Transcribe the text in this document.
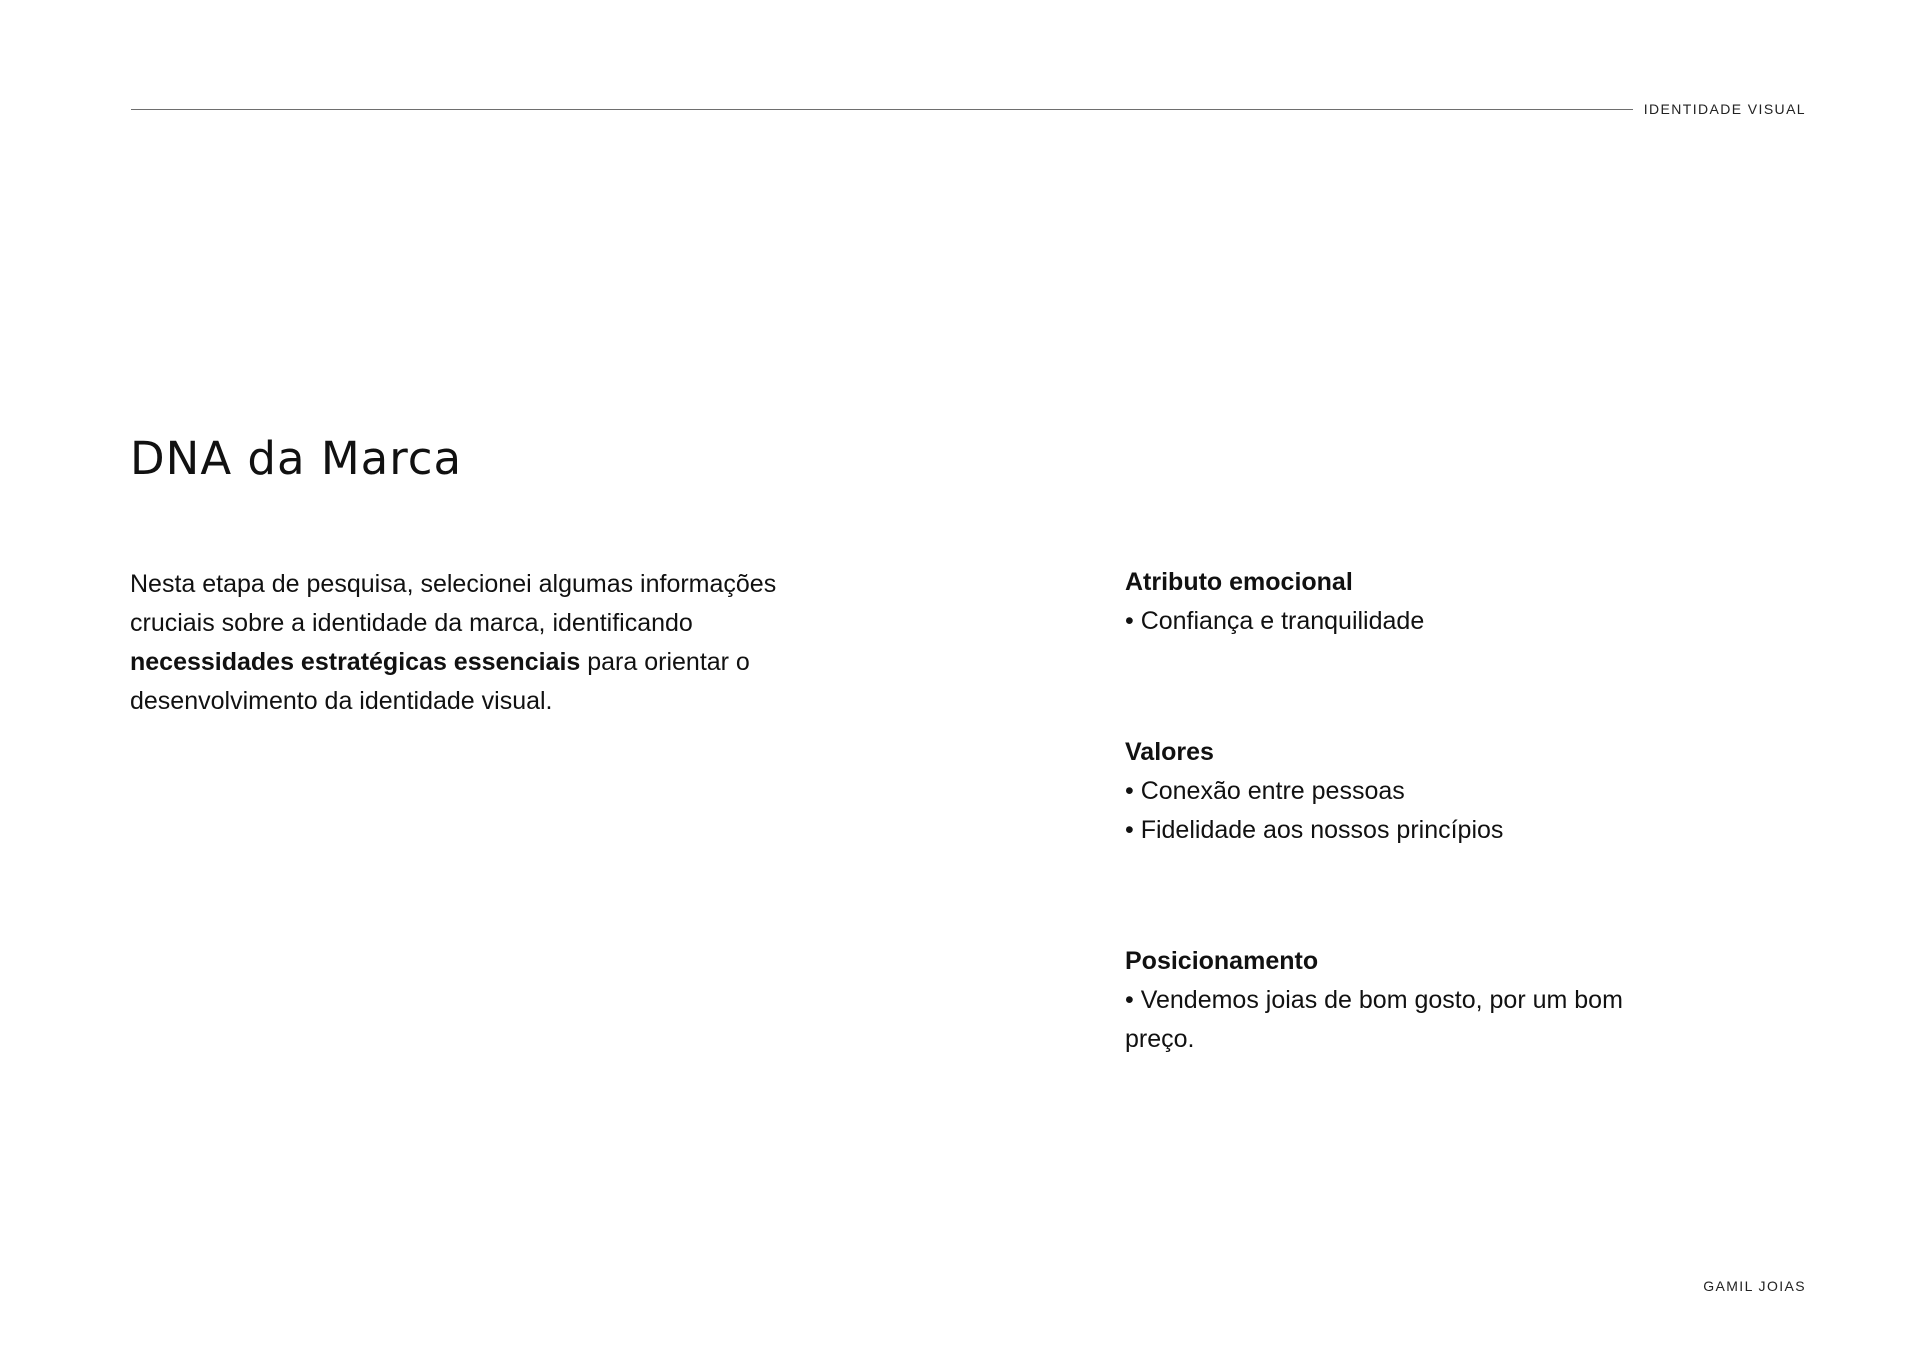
IDENTIDADE VISUAL
DNA da Marca

Nesta etapa de pesquisa, selecionei algumas informações cruciais sobre a identidade da marca, identificando necessidades estratégicas essenciais para orientar o desenvolvimento da identidade visual.

Atributo emocional

• Confiança e tranquilidade

Valores

• Conexão entre pessoas

• Fidelidade aos nossos princípios

Posicionamento

• Vendemos joias de bom gosto, por um bom preço.

GAMIL JOIAS
